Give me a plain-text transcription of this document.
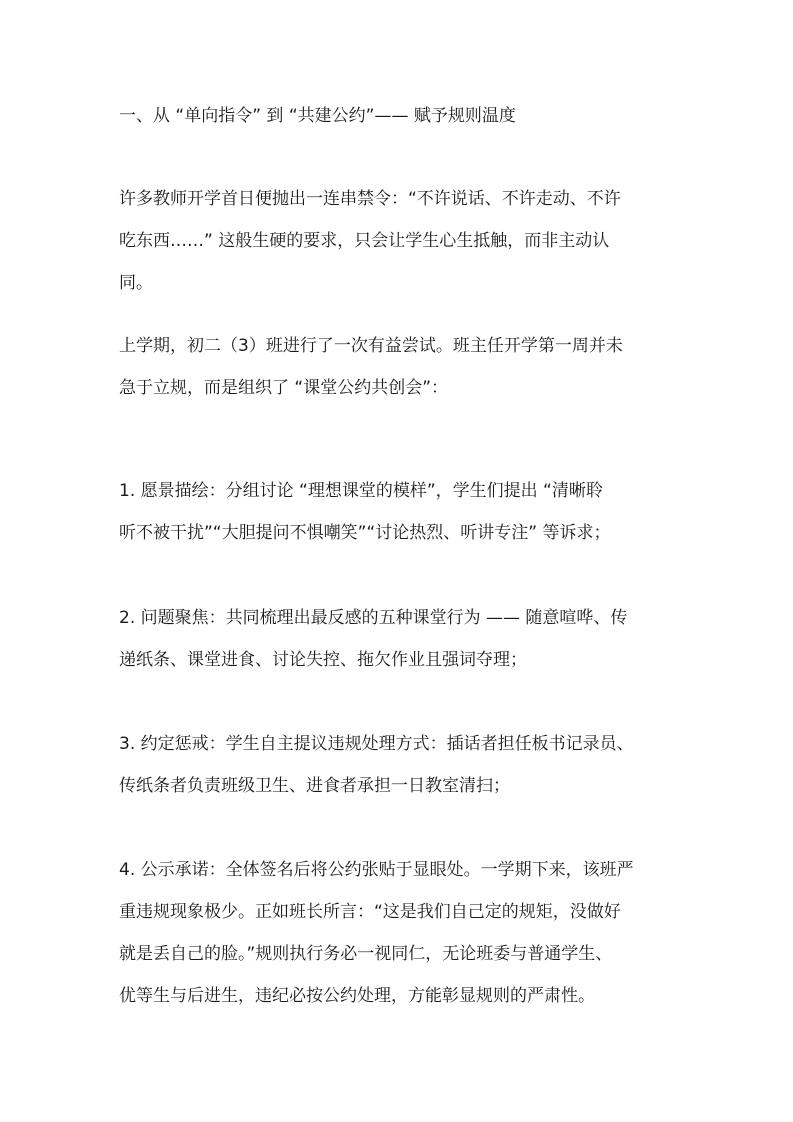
一、从 “单向指令” 到 “共建公约”—— 赋予规则温度

许多教师开学首日便抛出一连串禁令：“不许说话、不许走动、不许
吃东西……” 这般生硬的要求，只会让学生心生抵触，而非主动认
同。

上学期，初二（3）班进行了一次有益尝试。班主任开学第一周并未
急于立规，而是组织了 “课堂公约共创会”：

1. 愿景描绘：分组讨论 “理想课堂的模样”，学生们提出 “清晰聆
听不被干扰”“大胆提问不惧嘲笑”“讨论热烈、听讲专注” 等诉求；

2. 问题聚焦：共同梳理出最反感的五种课堂行为 —— 随意喧哗、传
递纸条、课堂进食、讨论失控、拖欠作业且强词夺理；

3. 约定惩戒：学生自主提议违规处理方式：插话者担任板书记录员、
传纸条者负责班级卫生、进食者承担一日教室清扫；

4. 公示承诺：全体签名后将公约张贴于显眼处。一学期下来，该班严
重违规现象极少。正如班长所言：“这是我们自己定的规矩，没做好
就是丢自己的脸。”规则执行务必一视同仁，无论班委与普通学生、
优等生与后进生，违纪必按公约处理，方能彰显规则的严肃性。
